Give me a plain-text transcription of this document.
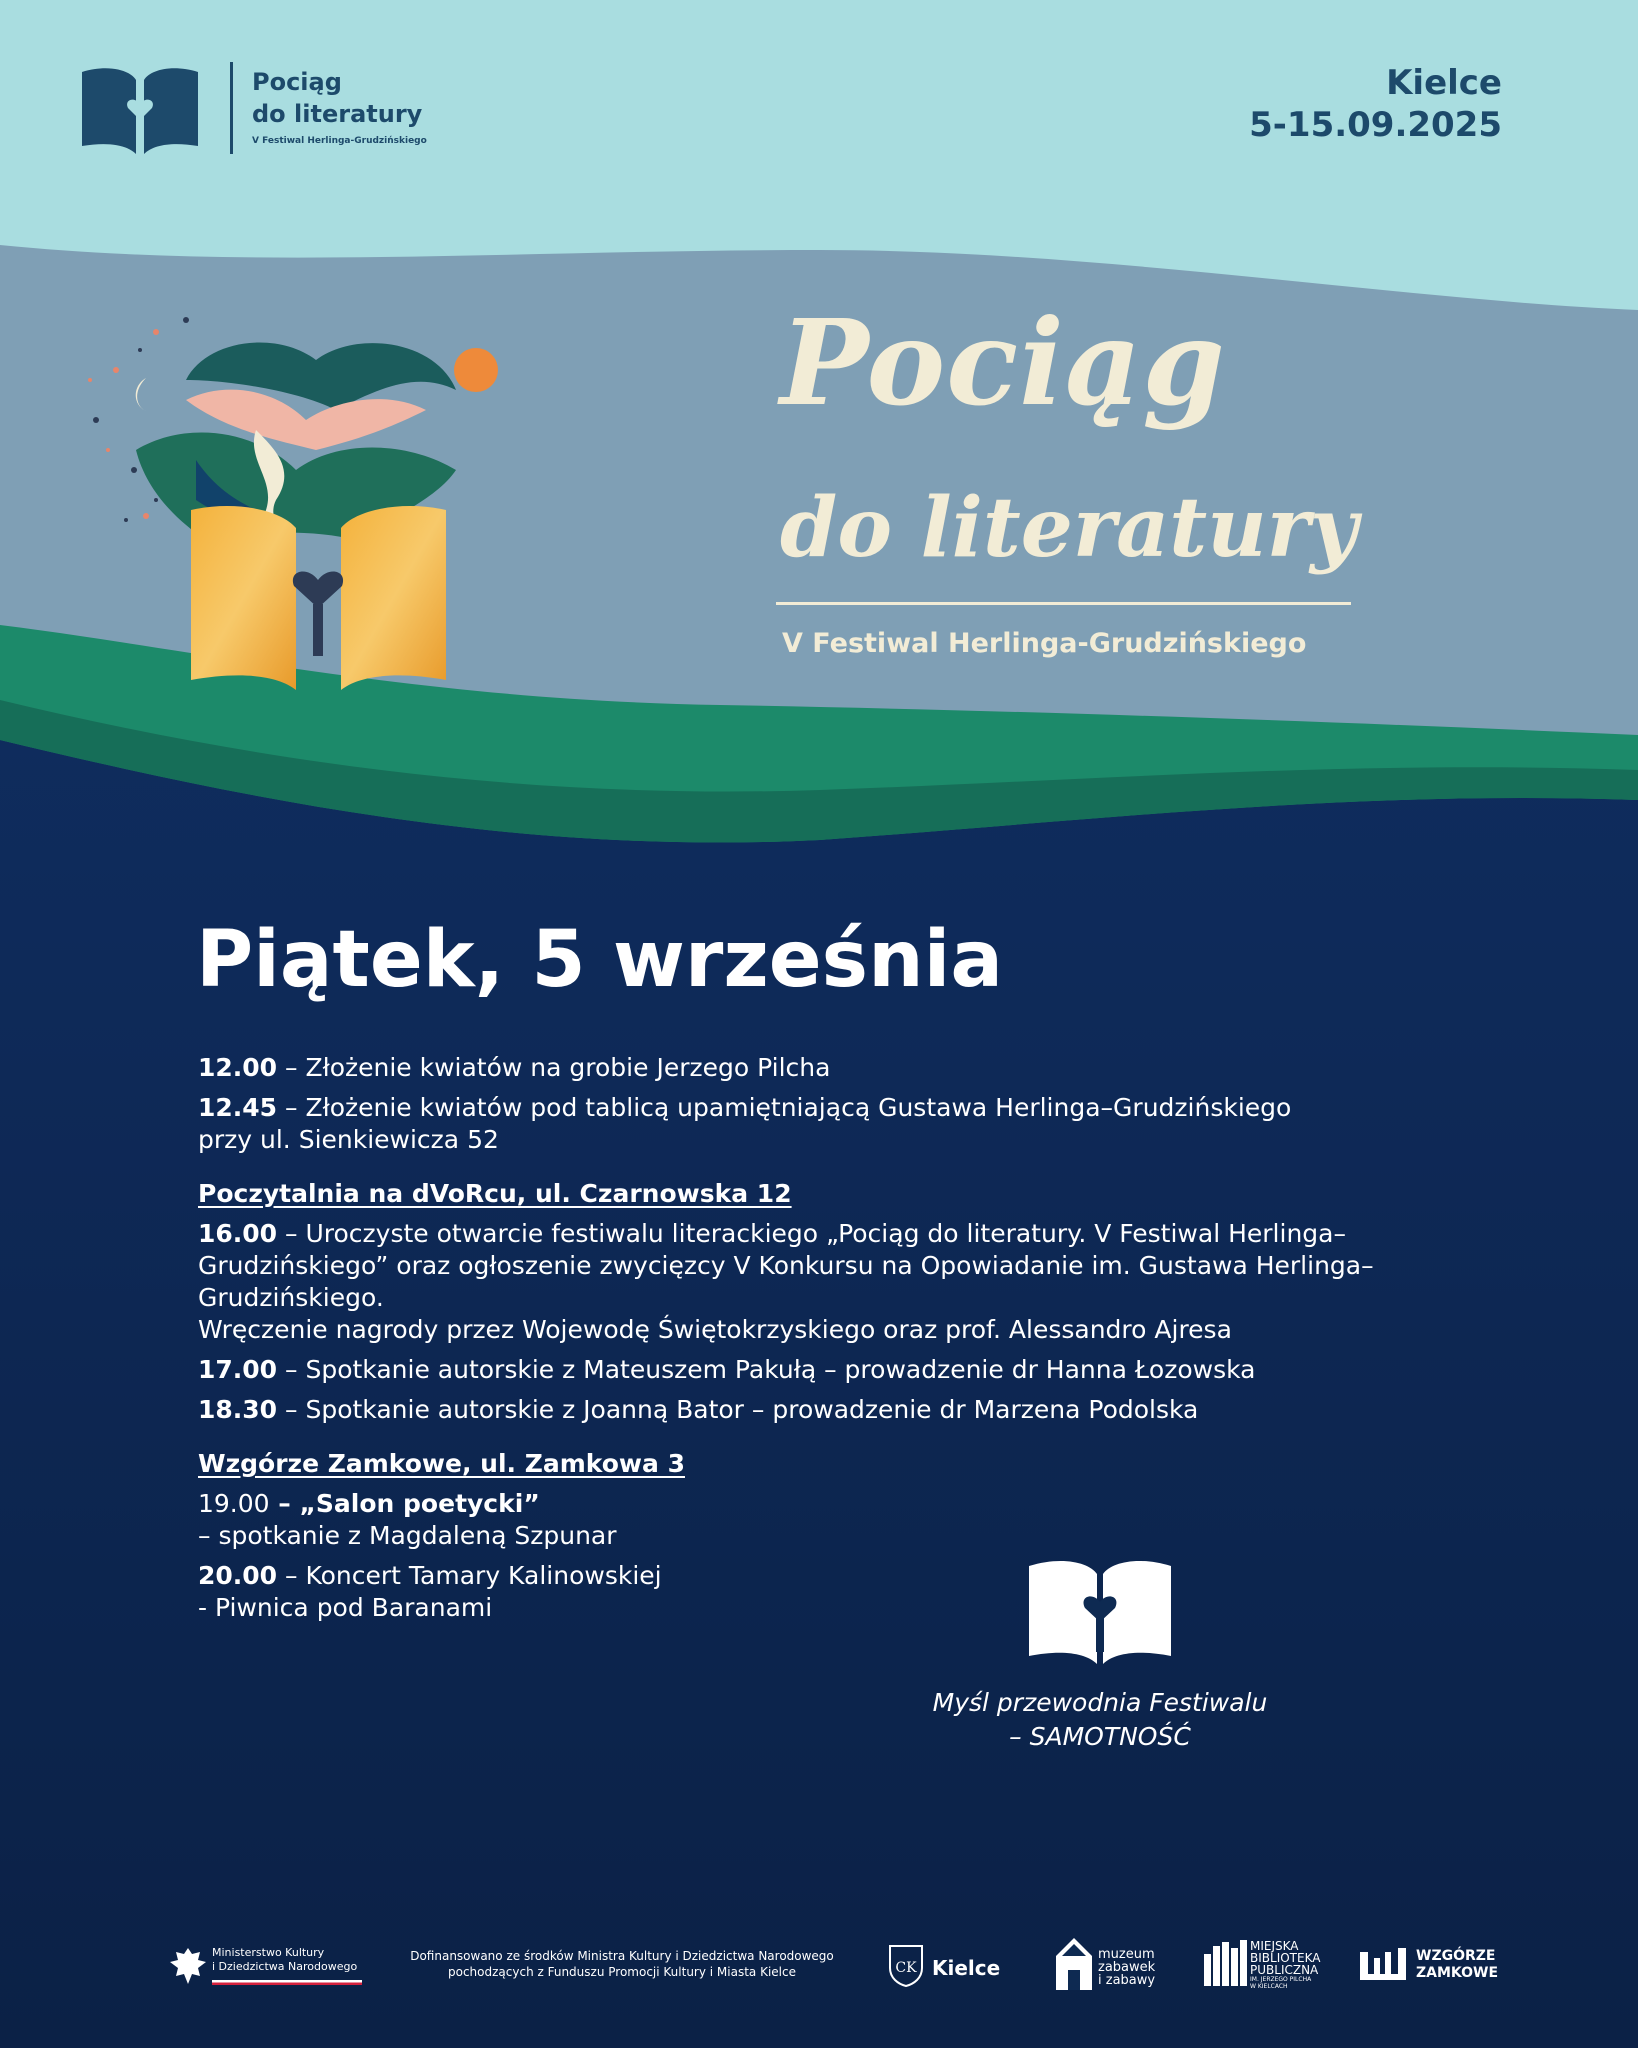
Pociąg
do literatury
V Festiwal Herlinga-Grudzińskiego
Kielce
5-15.09.2025
Pociąg
do literatury
V Festiwal Herlinga-Grudzińskiego
Piątek, 5 września
12.00 – Złożenie kwiatów na grobie Jerzego Pilcha
12.45 – Złożenie kwiatów pod tablicą upamiętniającą Gustawa Herlinga–Grudzińskiego
przy ul. Sienkiewicza 52
Poczytalnia na dVoRcu, ul. Czarnowska 12
16.00 – Uroczyste otwarcie festiwalu literackiego „Pociąg do literatury. V Festiwal Herlinga–
Grudzińskiego” oraz ogłoszenie zwycięzcy V Konkursu na Opowiadanie im. Gustawa Herlinga–
Grudzińskiego.
Wręczenie nagrody przez Wojewodę Świętokrzyskiego oraz prof. Alessandro Ajresa
17.00 – Spotkanie autorskie z Mateuszem Pakułą – prowadzenie dr Hanna Łozowska
18.30 – Spotkanie autorskie z Joanną Bator – prowadzenie dr Marzena Podolska
Wzgórze Zamkowe, ul. Zamkowa 3
19.00 – „Salon poetycki”
– spotkanie z Magdaleną Szpunar
20.00 – Koncert Tamary Kalinowskiej
- Piwnica pod Baranami
Myśl przewodnia Festiwalu
– SAMOTNOŚĆ
Ministerstwo Kultury
i Dziedzictwa Narodowego
Dofinansowano ze środków Ministra Kultury i Dziedzictwa Narodowego
pochodzących z Funduszu Promocji Kultury i Miasta Kielce	CK Kielce
muzeum
zabawek
i zabawy
MIEJSKA
BIBLIOTEKA
PUBLICZNA
IM. JERZEGO PILCHA
W KIELCACH
WZGÓRZE
ZAMKOWE
